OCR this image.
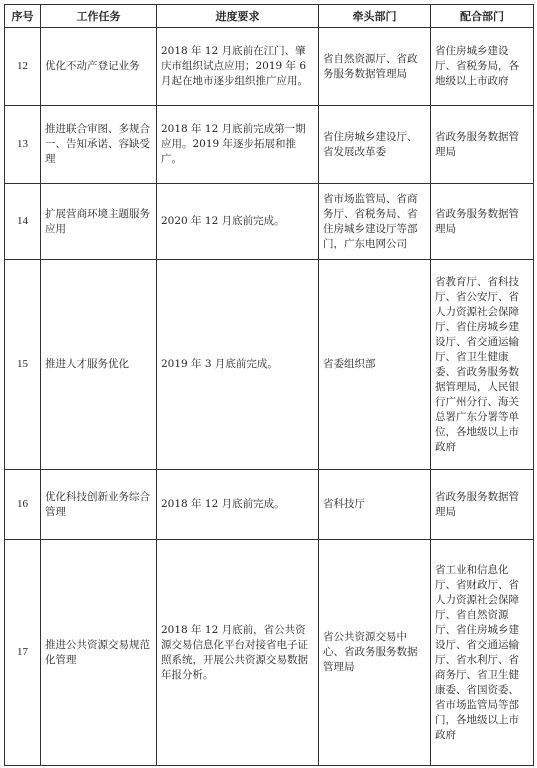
序号	工作任务	进度要求	牵头部门	配合部门
12	优化不动产登记业务	2018 年 12 月底前在江门、肇庆市组织试点应用；2019 年 6 月起在地市逐步组织推广应用。	省自然资源厅、省政务服务数据管理局	省住房城乡建设厅、省税务局，各地级以上市政府
13	推进联合审图、多规合一、告知承诺、容缺受理	2018 年 12 月底前完成第一期应用。2019 年逐步拓展和推广。	省住房城乡建设厅、省发展改革委	省政务服务数据管理局
14	扩展营商环境主题服务应用	2020 年 12 月底前完成。	省市场监管局、省商务厅、省税务局、省住房城乡建设厅等部门，广东电网公司	省政务服务数据管理局
15	推进人才服务优化	2019 年 3 月底前完成。	省委组织部	省教育厅、省科技厅、省公安厅、省人力资源社会保障厅、省住房城乡建设厅、省交通运输厅、省卫生健康委、省政务服务数据管理局，人民银行广州分行、海关总署广东分署等单位，各地级以上市政府
16	优化科技创新业务综合管理	2018 年 12 月底前完成。	省科技厅	省政务服务数据管理局
17	推进公共资源交易规范化管理	2018 年 12 月底前，省公共资源交易信息化平台对接省电子证照系统，开展公共资源交易数据年报分析。	省公共资源交易中心、省政务服务数据管理局	省工业和信息化厅、省财政厅、省人力资源社会保障厅、省自然资源厅、省住房城乡建设厅、省交通运输厅、省水利厅、省商务厅、省卫生健康委、省国资委、省市场监管局等部门，各地级以上市政府
